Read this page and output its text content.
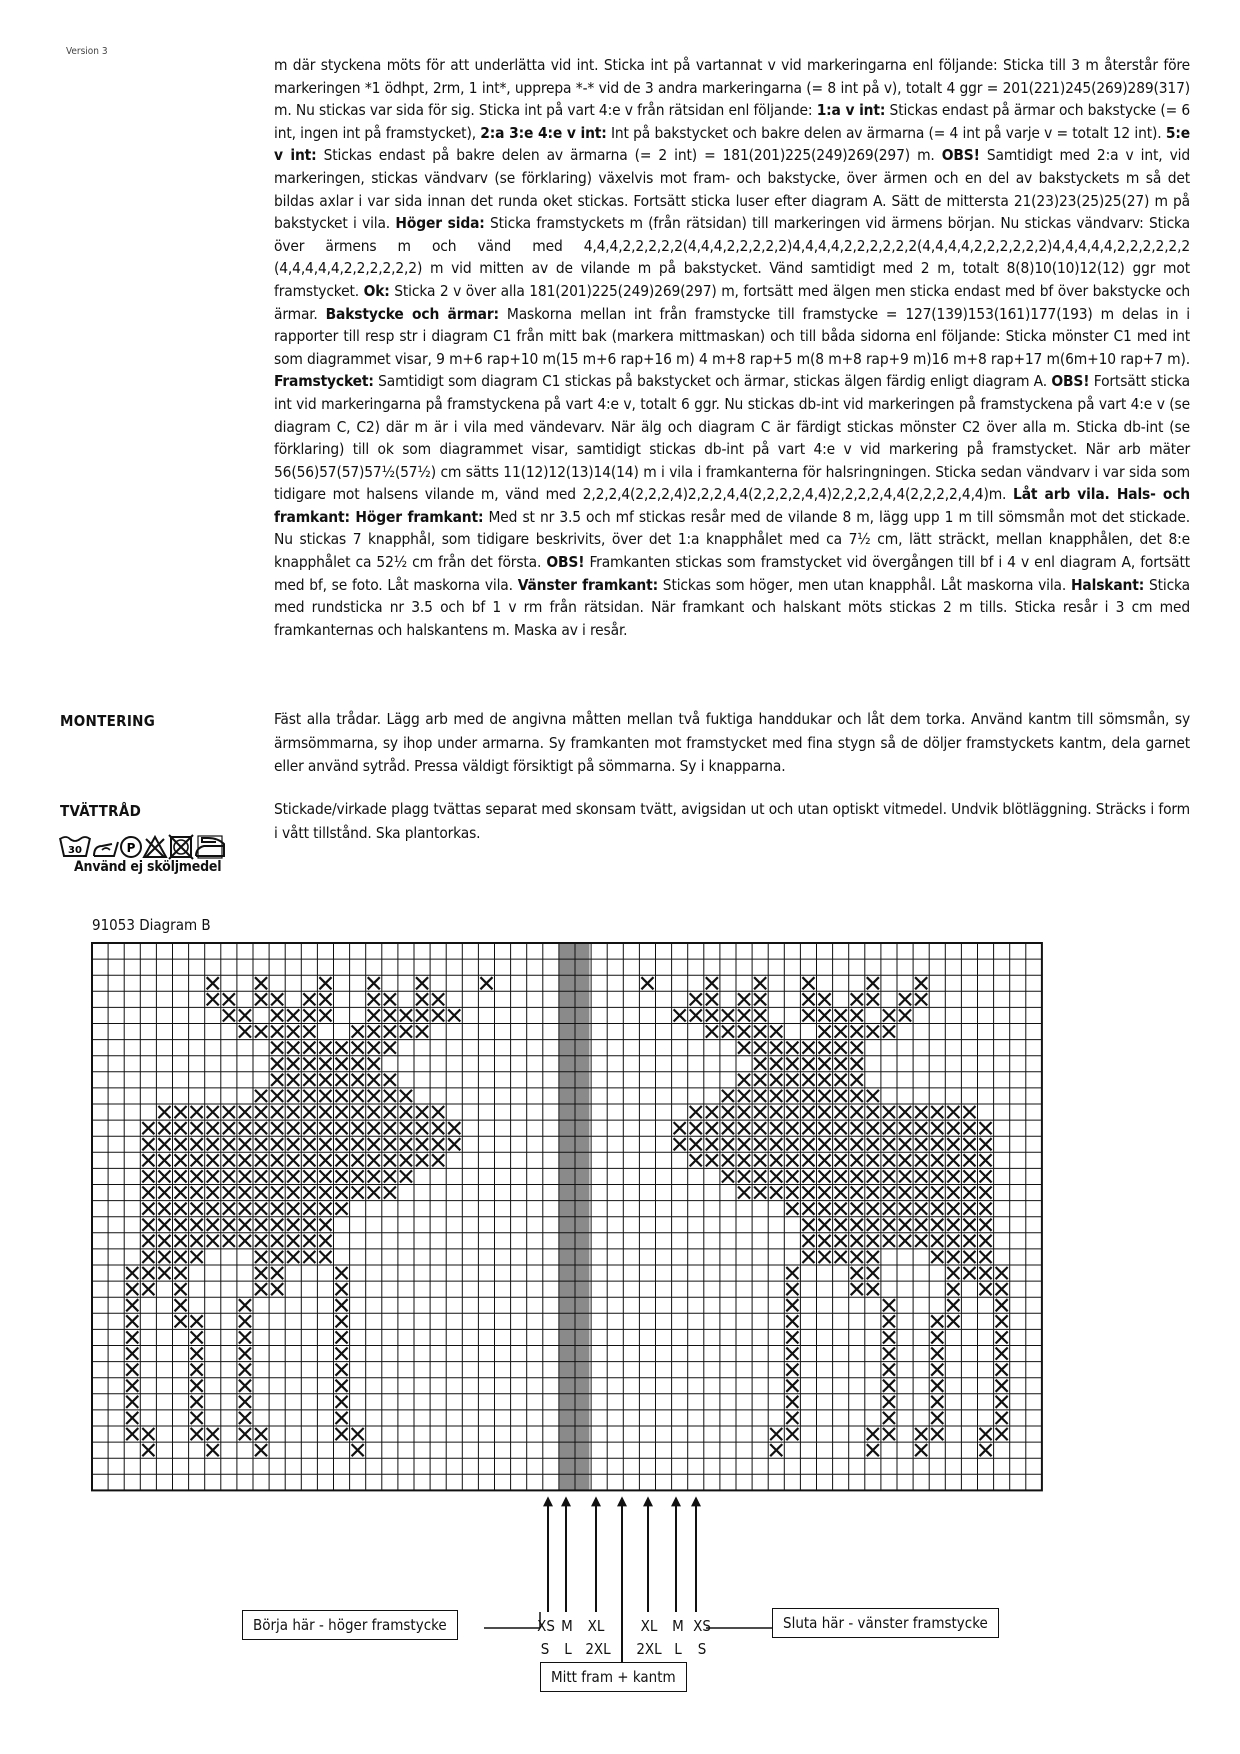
Version 3

m där styckena möts för att underlätta vid int. Sticka int på vartannat v vid markeringarna enl följande: Sticka till 3 m återstår före markeringen *1 ödhpt, 2rm, 1 int*, upprepa *-* vid de 3 andra markeringarna (= 8 int på v), totalt 4 ggr = 201(221)245(269)289(317) m. Nu stickas var sida för sig. Sticka int på vart 4:e v från rätsidan enl följande: 1:a v int: Stickas endast på ärmar och bakstycke (= 6 int, ingen int på framstycket), 2:a 3:e 4:e v int: Int på bakstycket och bakre delen av ärmarna (= 4 int på varje v = totalt 12 int). 5:e v int: Stickas endast på bakre delen av ärmarna (= 2 int) = 181(201)225(249)269(297) m. OBS! Samtidigt med 2:a v int, vid markeringen, stickas vändvarv (se förklaring) växelvis mot fram- och bakstycke, över ärmen och en del av bakstyckets m så det bildas axlar i var sida innan det runda oket stickas. Fortsätt sticka luser efter diagram A. Sätt de mittersta 21(23)23(25)25(27) m på bakstycket i vila. Höger sida: Sticka framstyckets m (från rätsidan) till markeringen vid ärmens början. Nu stickas vändvarv: Sticka över ärmens m och vänd med 4,4,4,2,2,2,2,2(4,4,4,2,2,2,2,2)4,4,4,4,2,2,2,2,2,2(4,4,4,4,2,2,2,2,2,2)4,4,4,4,4,2,2,2,2,2,2 (4,4,4,4,4,2,2,2,2,2,2) m vid mitten av de vilande m på bakstycket. Vänd samtidigt med 2 m, totalt 8(8)10(10)12(12) ggr mot framstycket. Ok: Sticka 2 v över alla 181(201)225(249)269(297) m, fortsätt med älgen men sticka endast med bf över bakstycke och ärmar. Bakstycke och ärmar: Maskorna mellan int från framstycke till framstycke = 127(139)153(161)177(193) m delas in i rapporter till resp str i diagram C1 från mitt bak (markera mittmaskan) och till båda sidorna enl följande: Sticka mönster C1 med int som diagrammet visar, 9 m+6 rap+10 m(15 m+6 rap+16 m) 4 m+8 rap+5 m(8 m+8 rap+9 m)16 m+8 rap+17 m(6m+10 rap+7 m). Framstycket: Samtidigt som diagram C1 stickas på bakstycket och ärmar, stickas älgen färdig enligt diagram A. OBS! Fortsätt sticka int vid markeringarna på framstyckena på vart 4:e v, totalt 6 ggr. Nu stickas db-int vid markeringen på framstyckena på vart 4:e v (se diagram C, C2) där m är i vila med vändevarv. När älg och diagram C är färdigt stickas mönster C2 över alla m. Sticka db-int (se förklaring) till ok som diagrammet visar, samtidigt stickas db-int på vart 4:e v vid markering på framstycket. När arb mäter 56(56)57(57)57½(57½) cm sätts 11(12)12(13)14(14) m i vila i framkanterna för halsringningen. Sticka sedan vändvarv i var sida som tidigare mot halsens vilande m, vänd med 2,2,2,4(2,2,2,4)2,2,2,4,4(2,2,2,2,4,4)2,2,2,2,4,4(2,2,2,2,4,4)m. Låt arb vila. Hals- och framkant: Höger framkant: Med st nr 3.5 och mf stickas resår med de vilande 8 m, lägg upp 1 m till sömsmån mot det stickade. Nu stickas 7 knapphål, som tidigare beskrivits, över det 1:a knapphålet med ca 7½ cm, lätt sträckt, mellan knapphålen, det 8:e knapphålet ca 52½ cm från det första. OBS! Framkanten stickas som framstycket vid övergången till bf i 4 v enl diagram A, fortsätt med bf, se foto. Låt maskorna vila. Vänster framkant: Stickas som höger, men utan knapphål. Låt maskorna vila. Halskant: Sticka med rundsticka nr 3.5 och bf 1 v rm från rätsidan. När framkant och halskant möts stickas 2 m tills. Sticka resår i 3 cm med framkanternas och halskantens m. Maska av i resår.

MONTERING	Fäst alla trådar. Lägg arb med de angivna måtten mellan två fuktiga handdukar och låt dem torka. Använd kantm till sömsmån, sy ärmsömmarna, sy ihop under armarna. Sy framkanten mot framstycket med fina stygn så de döljer framstyckets kantm, dela garnet eller använd sytråd. Pressa väldigt försiktigt på sömmarna. Sy i knapparna.
TVÄTTRÅD	Stickade/virkade plagg tvättas separat med skonsam tvätt, avigsidan ut och utan optiskt vitmedel. Undvik blötläggning. Sträcks i form i vått tillstånd. Ska plantorkas.
30	P
Använd ej sköljmedel
91053 Diagram B
Börja här - höger framstycke	Sluta här - vänster framstycke
Mitt fram + kantm
XS M XL
S L 2XL
XL M XS
2XL L	S
